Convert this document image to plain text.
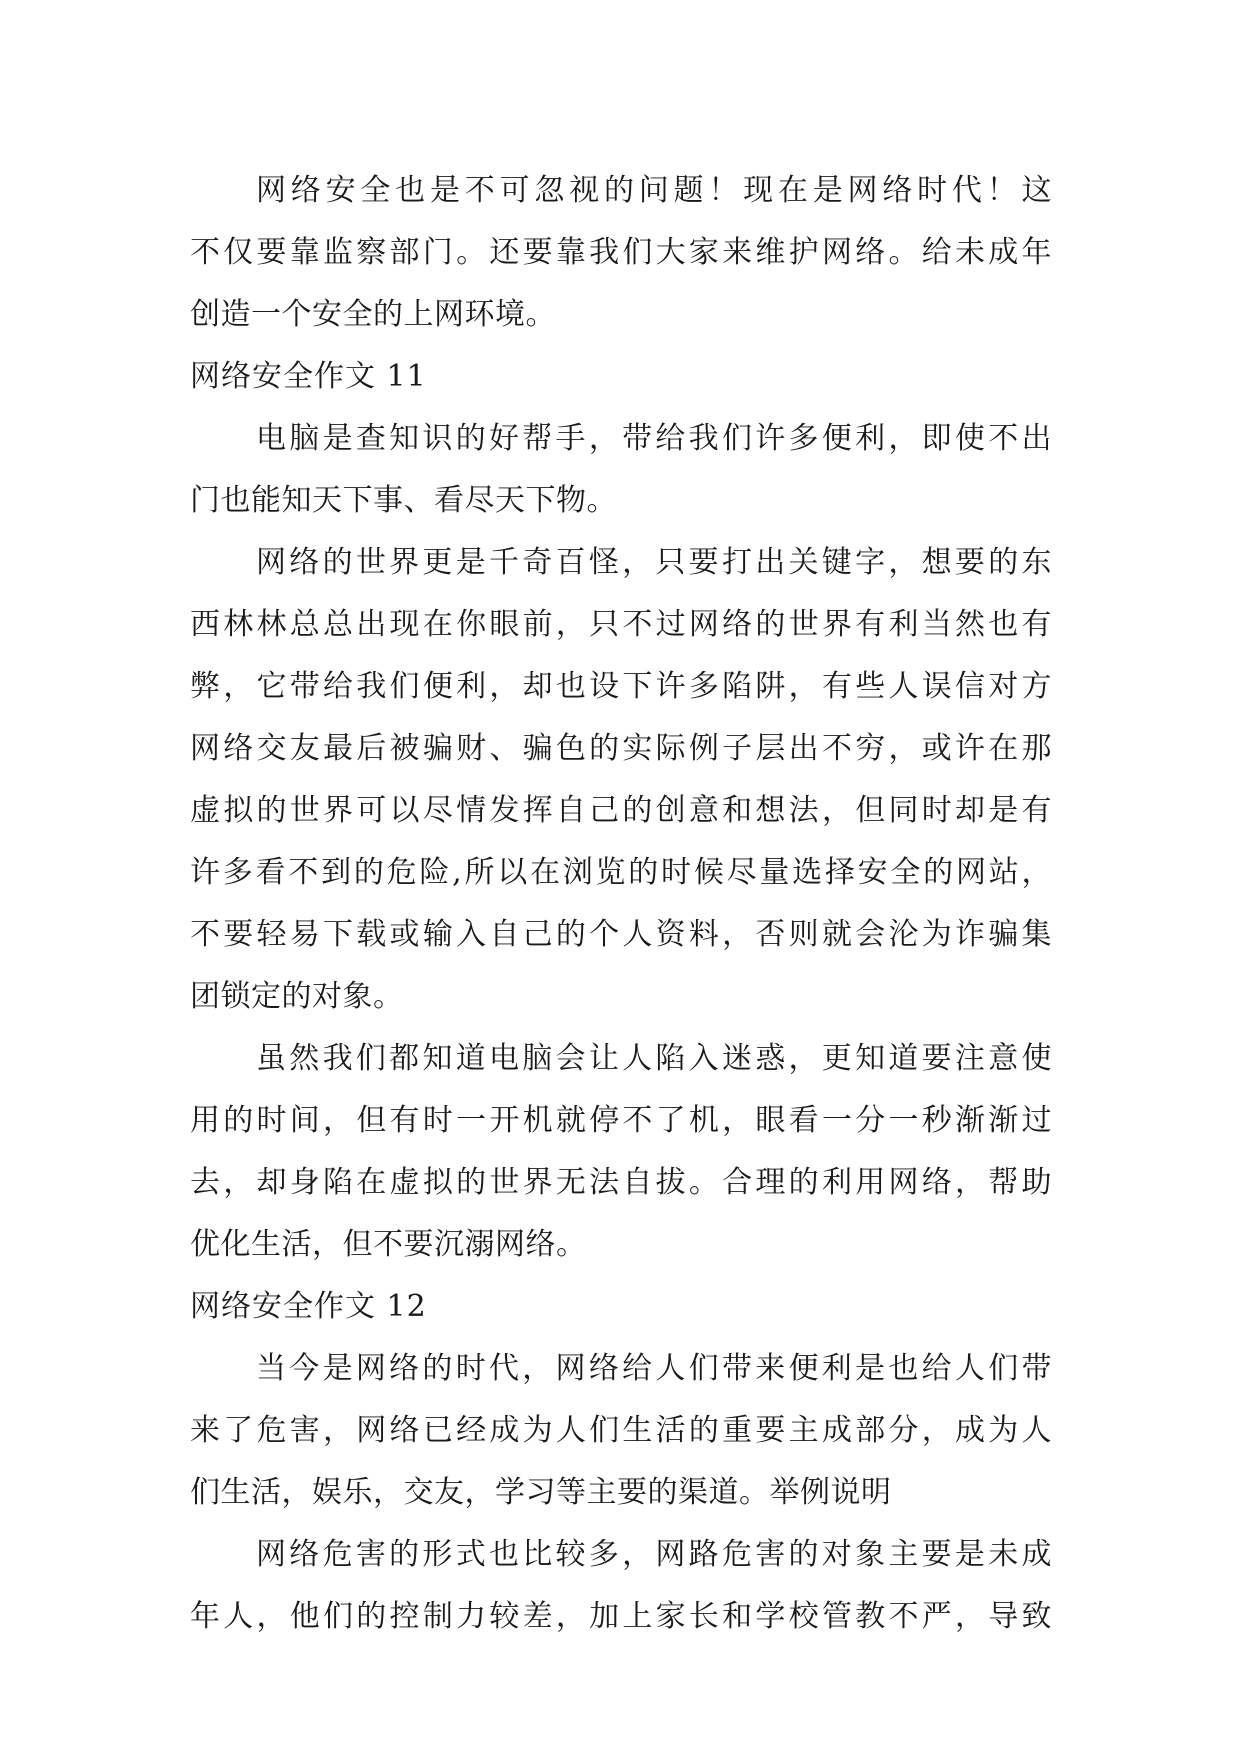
网络安全也是不可忽视的问题！现在是网络时代！这
不仅要靠监察部门。还要靠我们大家来维护网络。给未成年
创造一个安全的上网环境。
网络安全作文 11
电脑是查知识的好帮手，带给我们许多便利，即使不出
门也能知天下事、看尽天下物。
网络的世界更是千奇百怪，只要打出关键字，想要的东
西林林总总出现在你眼前，只不过网络的世界有利当然也有
弊，它带给我们便利，却也设下许多陷阱，有些人误信对方
网络交友最后被骗财、骗色的实际例子层出不穷，或许在那
虚拟的世界可以尽情发挥自己的创意和想法，但同时却是有
许多看不到的危险,所以在浏览的时候尽量选择安全的网站，
不要轻易下载或输入自己的个人资料，否则就会沦为诈骗集
团锁定的对象。
虽然我们都知道电脑会让人陷入迷惑，更知道要注意使
用的时间，但有时一开机就停不了机，眼看一分一秒渐渐过
去，却身陷在虚拟的世界无法自拔。合理的利用网络，帮助
优化生活，但不要沉溺网络。
网络安全作文 12
当今是网络的时代，网络给人们带来便利是也给人们带
来了危害，网络已经成为人们生活的重要主成部分，成为人
们生活，娱乐，交友，学习等主要的渠道。举例说明
网络危害的形式也比较多，网路危害的对象主要是未成
年人，他们的控制力较差，加上家长和学校管教不严，导致
